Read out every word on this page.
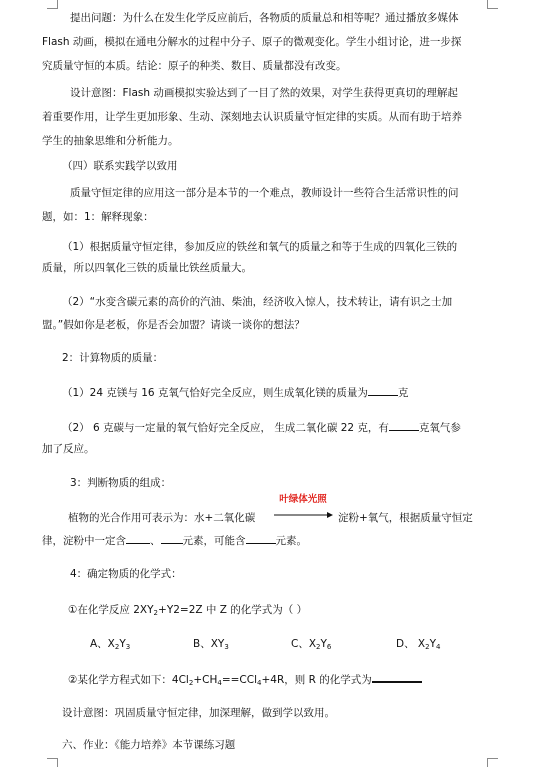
提出问题：为什么在发生化学反应前后，各物质的质量总和相等呢？通过播放多媒体
Flash 动画，模拟在通电分解水的过程中分子、原子的微观变化。学生小组讨论，进一步探
究质量守恒的本质。结论：原子的种类、数目、质量都没有改变。
设计意图：Flash 动画模拟实验达到了一目了然的效果，对学生获得更真切的理解起
着重要作用，让学生更加形象、生动、深刻地去认识质量守恒定律的实质。从而有助于培养
学生的抽象思维和分析能力。
（四）联系实践学以致用
质量守恒定律的应用这一部分是本节的一个难点，教师设计一些符合生活常识性的问
题，如：1：解释现象：
（1）根据质量守恒定律，参加反应的铁丝和氧气的质量之和等于生成的四氧化三铁的
质量，所以四氧化三铁的质量比铁丝质量大。
（2）“水变含碳元素的高价的汽油、柴油，经济收入惊人，技术转让，请有识之士加
盟。”假如你是老板，你是否会加盟？请谈一谈你的想法？
2：计算物质的质量：
（1）24 克镁与 16 克氧气恰好完全反应，则生成氧化镁的质量为	克
（2） 6 克碳与一定量的氧气恰好完全反应， 生成二氧化碳 22 克，有	克氧气参
加了反应。
3：判断物质的组成：
植物的光合作用可表示为：水+二氧化碳
叶绿体光照
淀粉+氧气，根据质量守恒定
律，淀粉中一定含 、 元素，可能含	元素。
4：确定物质的化学式：
①在化学反应 $2XY_2+Y2=2Z$ 中 Z 的化学式为（ ）
A、$X_2Y_3$	B、$XY_3$	C、$X_2Y_6$	D、 $X_2Y_4$
②某化学方程式如下：$4Cl_2+CH_4==CCl_4+4R$，则 R 的化学式为
设计意图：巩固质量守恒定律，加深理解，做到学以致用。
六、作业：《能力培养》本节课练习题
